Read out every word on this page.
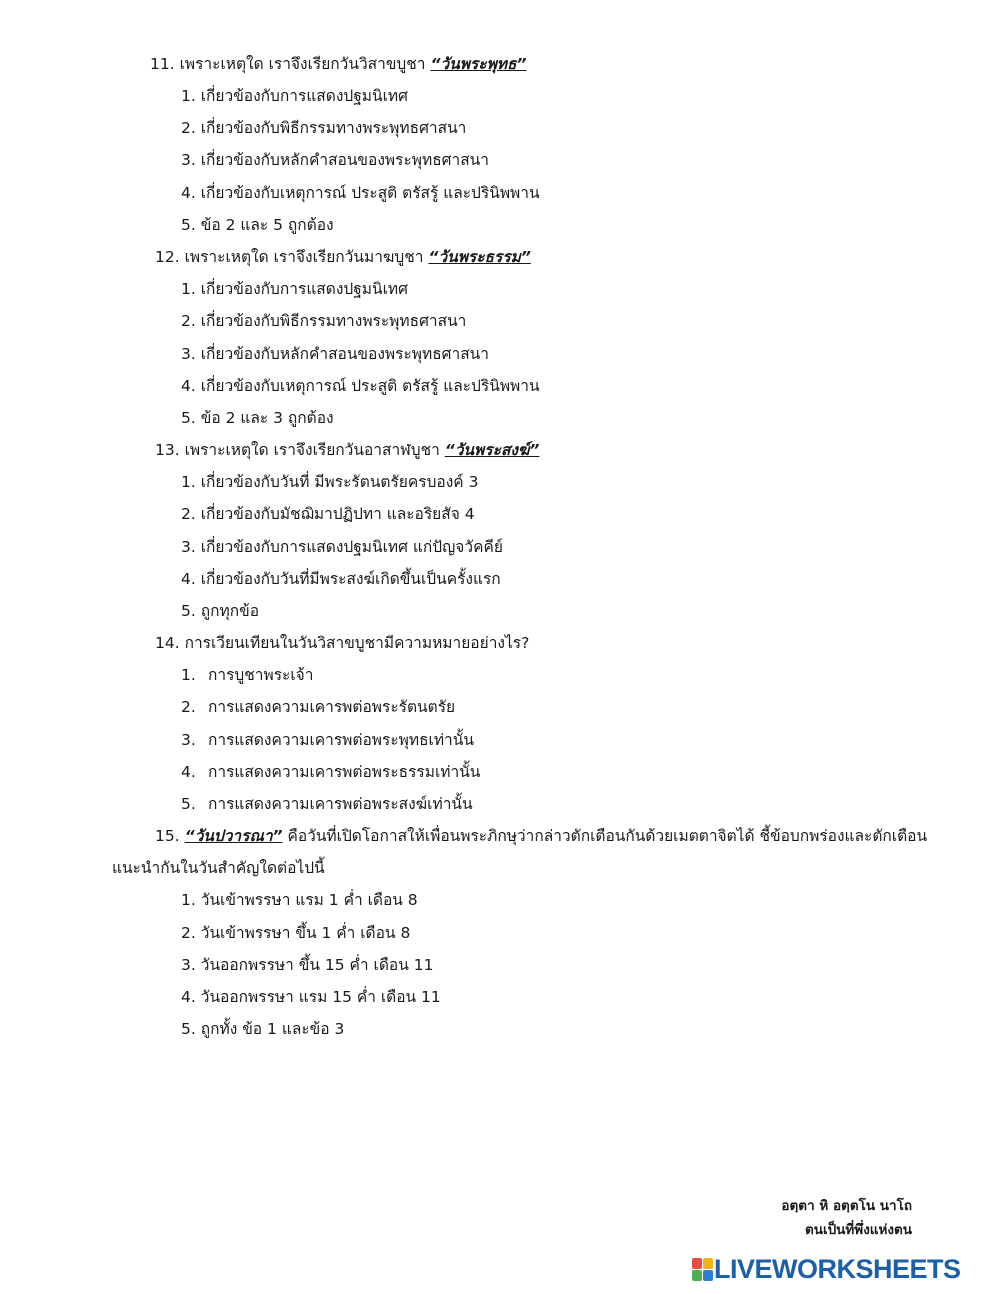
11. เพราะเหตุใด เราจึงเรียกวันวิสาขบูชา “วันพระพุทธ”
1. เกี่ยวข้องกับการแสดงปฐมนิเทศ
2. เกี่ยวข้องกับพิธีกรรมทางพระพุทธศาสนา
3. เกี่ยวข้องกับหลักคำสอนของพระพุทธศาสนา
4. เกี่ยวข้องกับเหตุการณ์ ประสูติ ตรัสรู้ และปรินิพพาน
5. ข้อ 2 และ 5 ถูกต้อง
12. เพราะเหตุใด เราจึงเรียกวันมาฆบูชา “วันพระธรรม”
1. เกี่ยวข้องกับการแสดงปฐมนิเทศ
2. เกี่ยวข้องกับพิธีกรรมทางพระพุทธศาสนา
3. เกี่ยวข้องกับหลักคำสอนของพระพุทธศาสนา
4. เกี่ยวข้องกับเหตุการณ์ ประสูติ ตรัสรู้ และปรินิพพาน
5. ข้อ 2 และ 3 ถูกต้อง
13. เพราะเหตุใด เราจึงเรียกวันอาสาฬบูชา “วันพระสงฆ์”
1. เกี่ยวข้องกับวันที่ มีพระรัตนตรัยครบองค์ 3
2. เกี่ยวข้องกับมัชฌิมาปฏิปทา และอริยสัจ 4
3. เกี่ยวข้องกับการแสดงปฐมนิเทศ แก่ปัญจวัคคีย์
4. เกี่ยวข้องกับวันที่มีพระสงฆ์เกิดขึ้นเป็นครั้งแรก
5. ถูกทุกข้อ
14. การเวียนเทียนในวันวิสาขบูชามีความหมายอย่างไร?
1. การบูชาพระเจ้า
2. การแสดงความเคารพต่อพระรัตนตรัย
3. การแสดงความเคารพต่อพระพุทธเท่านั้น
4. การแสดงความเคารพต่อพระธรรมเท่านั้น
5. การแสดงความเคารพต่อพระสงฆ์เท่านั้น
15. “วันปวารณา” คือวันที่เปิดโอกาสให้เพื่อนพระภิกษุว่ากล่าวตักเตือนกันด้วยเมตตาจิตได้ ชี้ข้อบกพร่องและตักเตือน
แนะนำกันในวันสำคัญใดต่อไปนี้
1. วันเข้าพรรษา แรม 1 ค่ำ เดือน 8
2. วันเข้าพรรษา ขึ้น 1 ค่ำ เดือน 8
3. วันออกพรรษา ขึ้น 15 ค่ำ เดือน 11
4. วันออกพรรษา แรม 15 ค่ำ เดือน 11
5. ถูกทั้ง ข้อ 1 และข้อ 3
อตฺตา หิ อตฺตโน นาโถ
ตนเป็นที่พึ่งแห่งตน
LIVEWORKSHEETS
